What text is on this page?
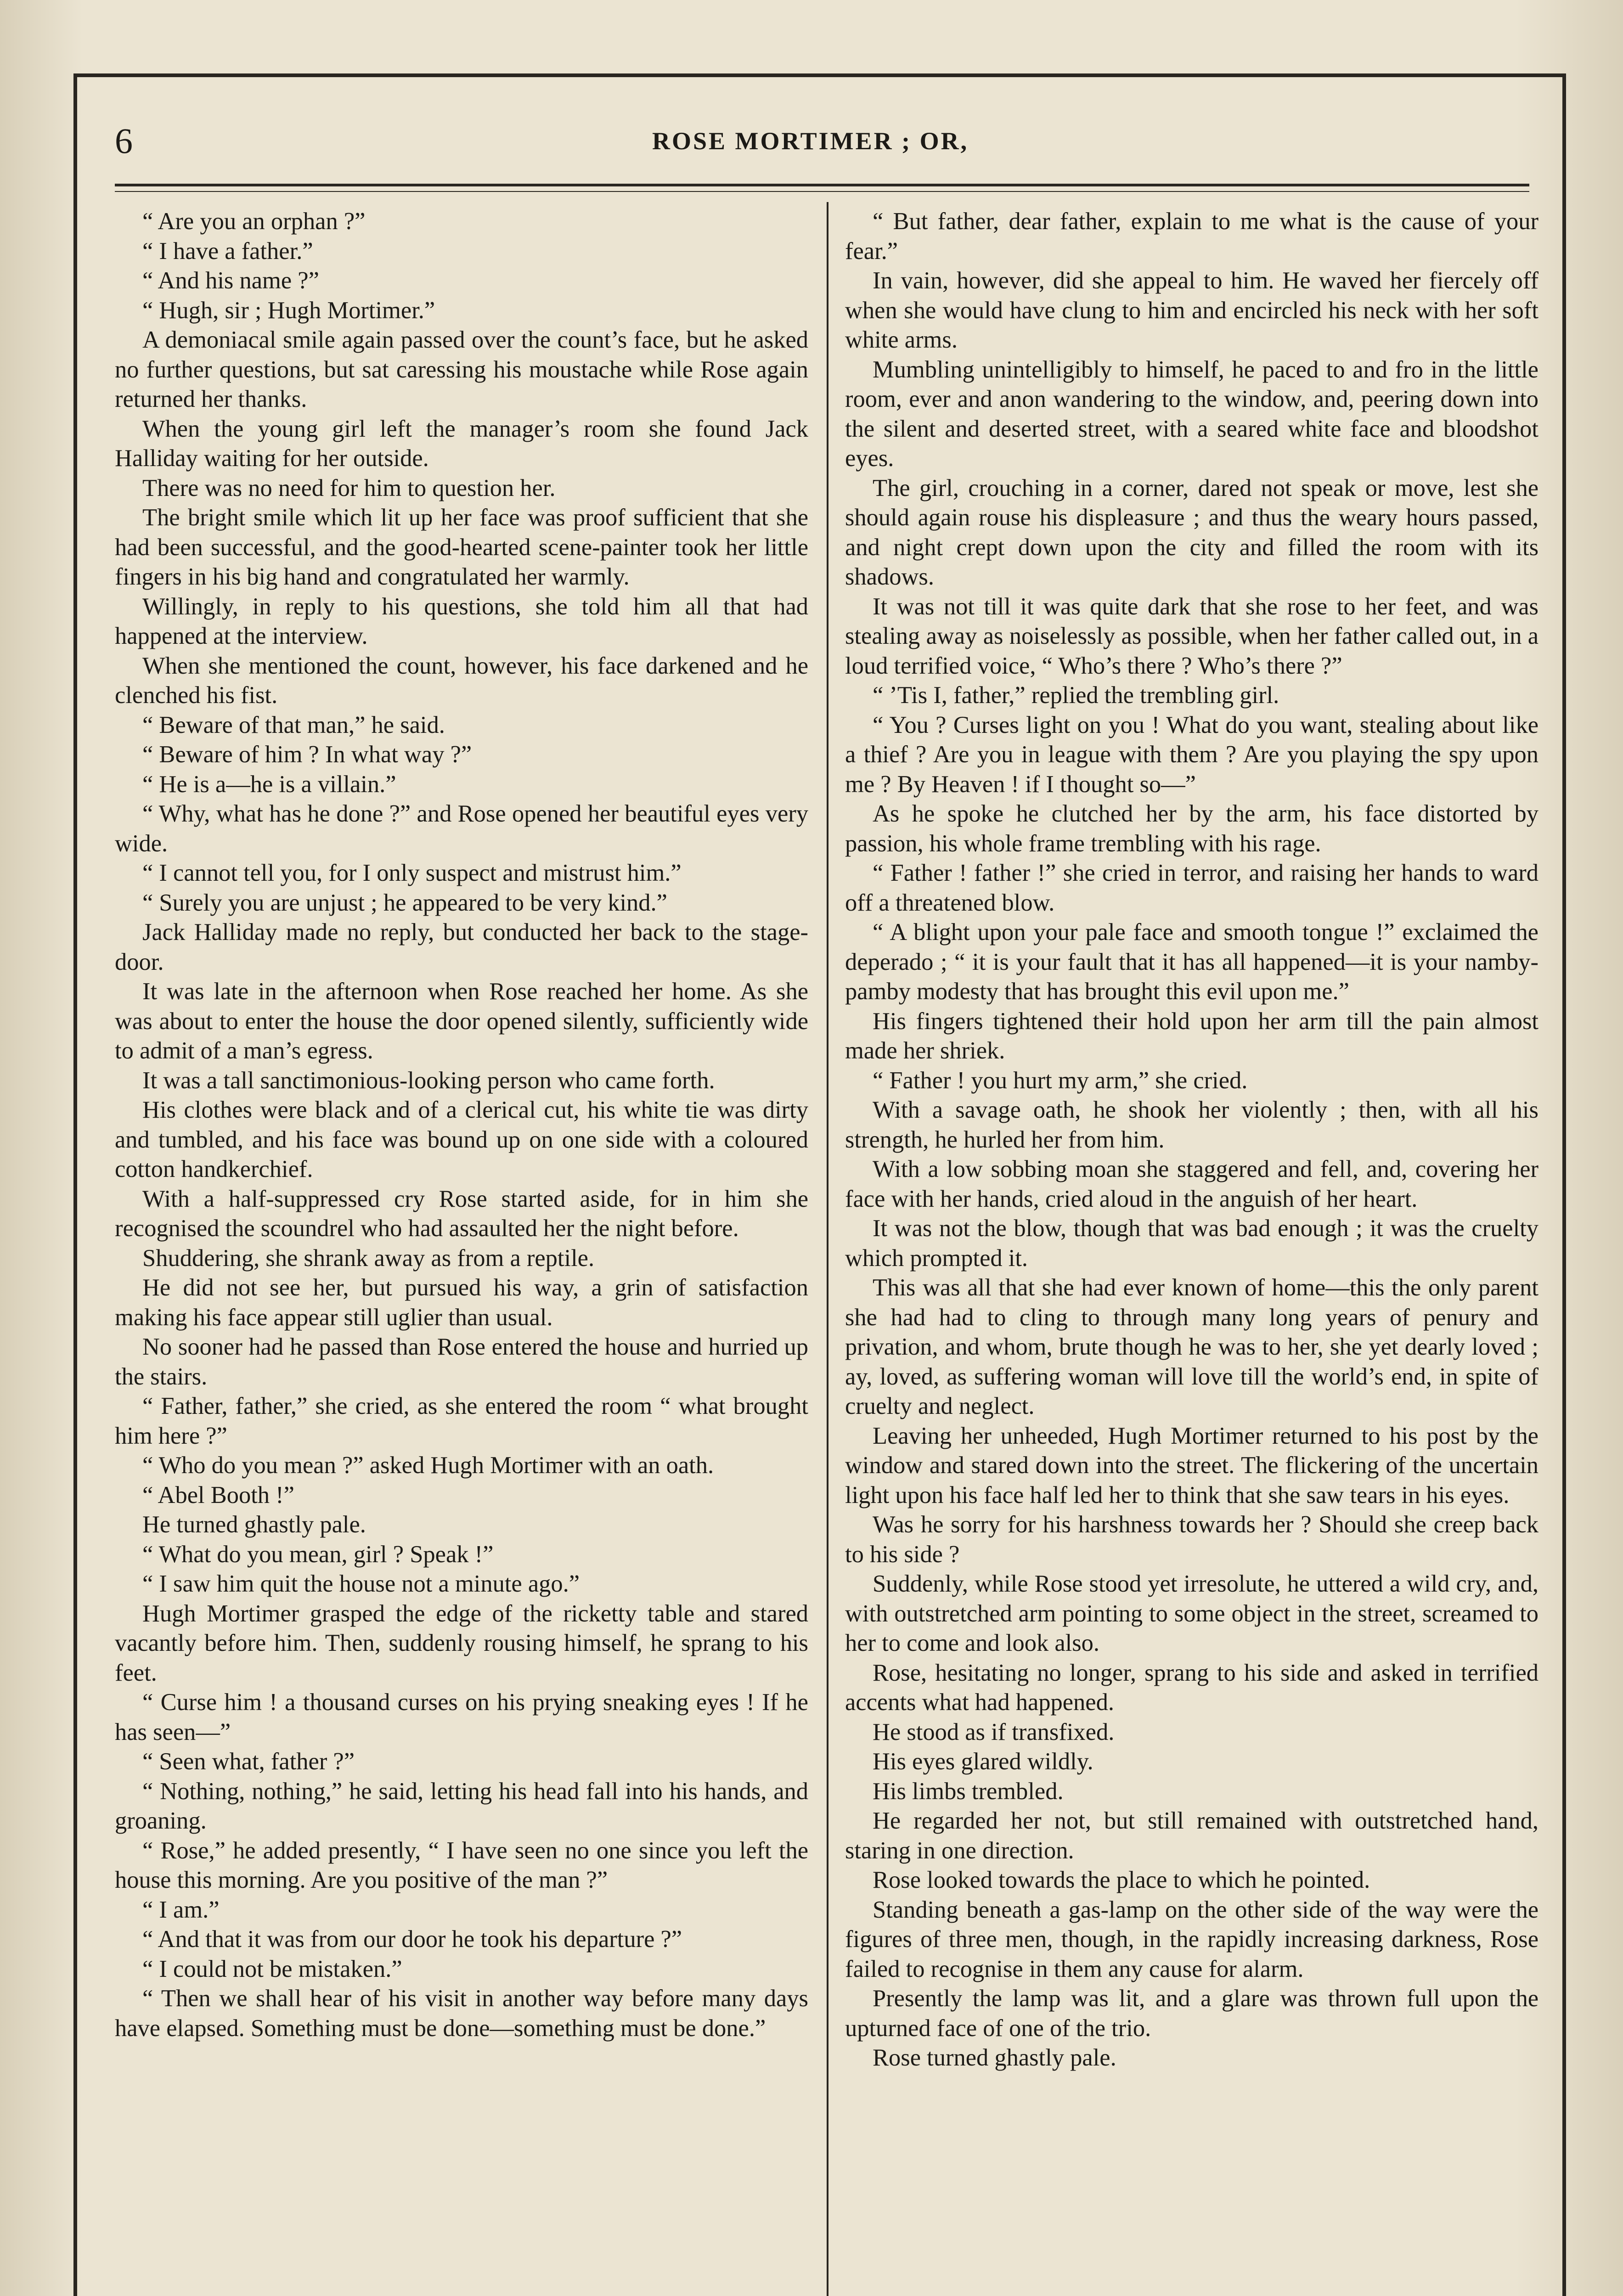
6	ROSE MORTIMER ; OR,

“ Are you an orphan ?”

“ I have a father.”

“ And his name ?”

“ Hugh, sir ; Hugh Mortimer.”

A demoniacal smile again passed over the count’s face, but he asked no further questions, but sat caressing his moustache while Rose again returned her thanks.

When the young girl left the manager’s room she found Jack Halliday waiting for her outside.

There was no need for him to question her.

The bright smile which lit up her face was proof sufficient that she had been successful, and the good-hearted scene-painter took her little fingers in his big hand and congratulated her warmly.

Willingly, in reply to his questions, she told him all that had happened at the interview.

When she mentioned the count, however, his face darkened and he clenched his fist.

“ Beware of that man,” he said.

“ Beware of him ? In what way ?”

“ He is a—he is a villain.”

“ Why, what has he done ?” and Rose opened her beautiful eyes very wide.

“ I cannot tell you, for I only suspect and mistrust him.”

“ Surely you are unjust ; he appeared to be very kind.”

Jack Halliday made no reply, but conducted her back to the stage-door.

It was late in the afternoon when Rose reached her home. As she was about to enter the house the door opened silently, sufficiently wide to admit of a man’s egress.

It was a tall sanctimonious-looking person who came forth.

His clothes were black and of a clerical cut, his white tie was dirty and tumbled, and his face was bound up on one side with a coloured cotton handkerchief.

With a half-suppressed cry Rose started aside, for in him she recognised the scoundrel who had assaulted her the night before.

Shuddering, she shrank away as from a reptile.

He did not see her, but pursued his way, a grin of satisfaction making his face appear still uglier than usual.

No sooner had he passed than Rose entered the house and hurried up the stairs.

“ Father, father,” she cried, as she entered the room “ what brought him here ?”

“ Who do you mean ?” asked Hugh Mortimer with an oath.

“ Abel Booth !”

He turned ghastly pale.

“ What do you mean, girl ? Speak !”

“ I saw him quit the house not a minute ago.”

Hugh Mortimer grasped the edge of the ricketty table and stared vacantly before him. Then, suddenly rousing himself, he sprang to his feet.

“ Curse him ! a thousand curses on his prying sneaking eyes ! If he has seen—”

“ Seen what, father ?”

“ Nothing, nothing,” he said, letting his head fall into his hands, and groaning.

“ Rose,” he added presently, “ I have seen no one since you left the house this morning. Are you positive of the man ?”

“ I am.”

“ And that it was from our door he took his departure ?”

“ I could not be mistaken.”

“ Then we shall hear of his visit in another way before many days have elapsed. Something must be done—something must be done.”

“ But father, dear father, explain to me what is the cause of your fear.”

In vain, however, did she appeal to him. He waved her fiercely off when she would have clung to him and encircled his neck with her soft white arms.

Mumbling unintelligibly to himself, he paced to and fro in the little room, ever and anon wandering to the window, and, peering down into the silent and deserted street, with a seared white face and bloodshot eyes.

The girl, crouching in a corner, dared not speak or move, lest she should again rouse his displeasure ; and thus the weary hours passed, and night crept down upon the city and filled the room with its shadows.

It was not till it was quite dark that she rose to her feet, and was stealing away as noiselessly as possible, when her father called out, in a loud terrified voice, “ Who’s there ? Who’s there ?”

“ ’Tis I, father,” replied the trembling girl.

“ You ? Curses light on you ! What do you want, stealing about like a thief ? Are you in league with them ? Are you playing the spy upon me ? By Heaven ! if I thought so—”

As he spoke he clutched her by the arm, his face distorted by passion, his whole frame trembling with his rage.

“ Father ! father !” she cried in terror, and raising her hands to ward off a threatened blow.

“ A blight upon your pale face and smooth tongue !” exclaimed the deperado ; “ it is your fault that it has all happened—it is your namby-pamby modesty that has brought this evil upon me.”

His fingers tightened their hold upon her arm till the pain almost made her shriek.

“ Father ! you hurt my arm,” she cried.

With a savage oath, he shook her violently ; then, with all his strength, he hurled her from him.

With a low sobbing moan she staggered and fell, and, covering her face with her hands, cried aloud in the anguish of her heart.

It was not the blow, though that was bad enough ; it was the cruelty which prompted it.

This was all that she had ever known of home—this the only parent she had had to cling to through many long years of penury and privation, and whom, brute though he was to her, she yet dearly loved ; ay, loved, as suffering woman will love till the world’s end, in spite of cruelty and neglect.

Leaving her unheeded, Hugh Mortimer returned to his post by the window and stared down into the street. The flickering of the uncertain light upon his face half led her to think that she saw tears in his eyes.

Was he sorry for his harshness towards her ? Should she creep back to his side ?

Suddenly, while Rose stood yet irresolute, he uttered a wild cry, and, with outstretched arm pointing to some object in the street, screamed to her to come and look also.

Rose, hesitating no longer, sprang to his side and asked in terrified accents what had happened.

He stood as if transfixed.

His eyes glared wildly.

His limbs trembled.

He regarded her not, but still remained with outstretched hand, staring in one direction.

Rose looked towards the place to which he pointed.

Standing beneath a gas-lamp on the other side of the way were the figures of three men, though, in the rapidly increasing darkness, Rose failed to recognise in them any cause for alarm.

Presently the lamp was lit, and a glare was thrown full upon the upturned face of one of the trio.

Rose turned ghastly pale.
